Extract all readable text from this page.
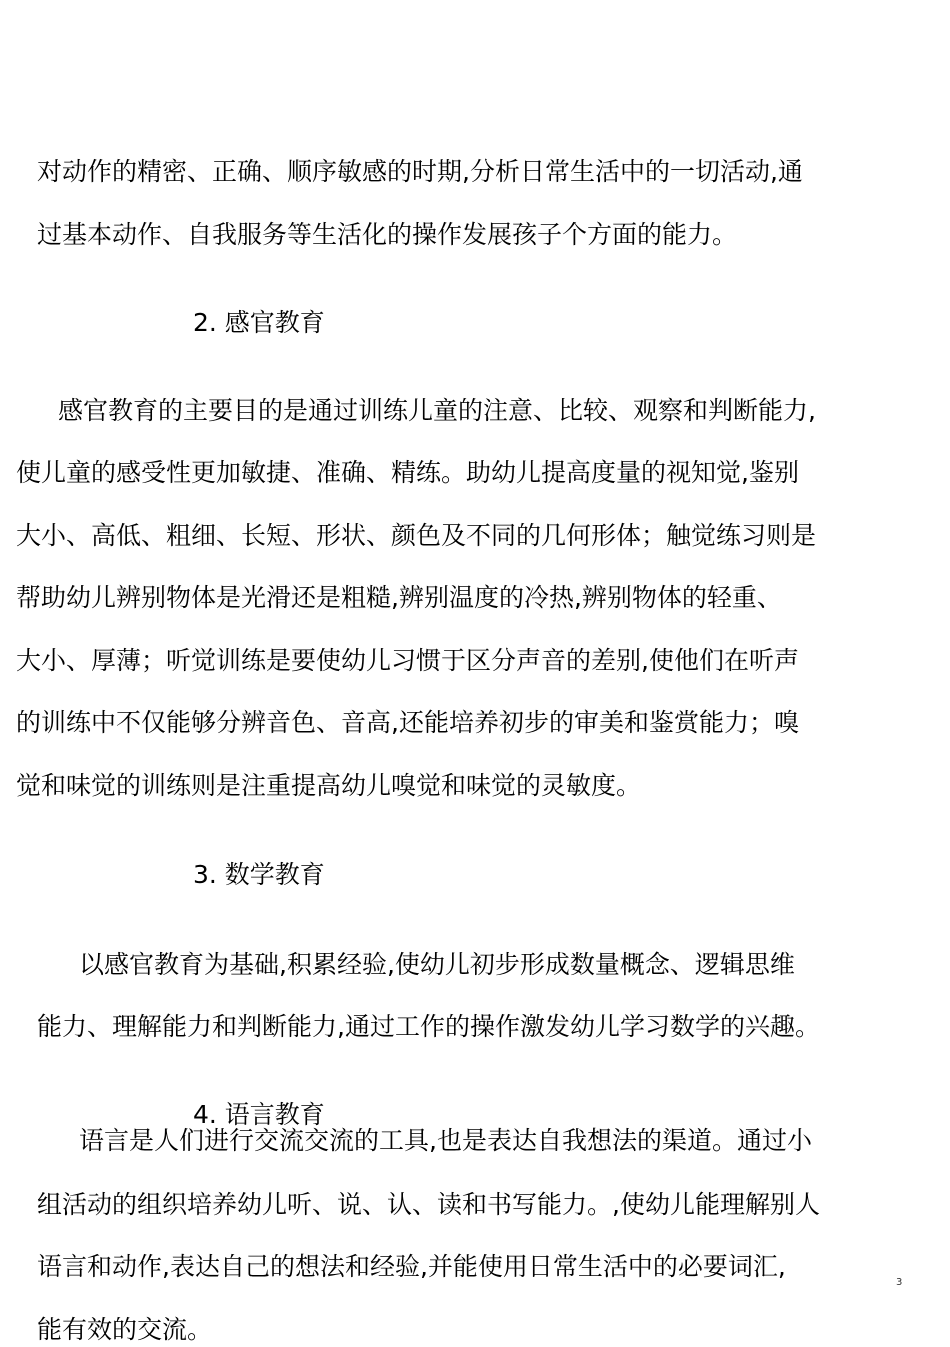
对动作的精密、正确、顺序敏感的时期,分析日常生活中的一切活动,通
过基本动作、自我服务等生活化的操作发展孩子个方面的能力。
2. 感官教育
感官教育的主要目的是通过训练儿童的注意、比较、观察和判断能力,
使儿童的感受性更加敏捷、准确、精练。助幼儿提高度量的视知觉,鉴别
大小、高低、粗细、长短、形状、颜色及不同的几何形体；触觉练习则是
帮助幼儿辨别物体是光滑还是粗糙,辨别温度的冷热,辨别物体的轻重、
大小、厚薄；听觉训练是要使幼儿习惯于区分声音的差别,使他们在听声
的训练中不仅能够分辨音色、音高,还能培养初步的审美和鉴赏能力；嗅
觉和味觉的训练则是注重提高幼儿嗅觉和味觉的灵敏度。
3. 数学教育
以感官教育为基础,积累经验,使幼儿初步形成数量概念、逻辑思维
能力、理解能力和判断能力,通过工作的操作激发幼儿学习数学的兴趣。
4. 语言教育
语言是人们进行交流交流的工具,也是表达自我想法的渠道。通过小
组活动的组织培养幼儿听、说、认、读和书写能力。,使幼儿能理解别人
语言和动作,表达自己的想法和经验,并能使用日常生活中的必要词汇,
能有效的交流。
3
